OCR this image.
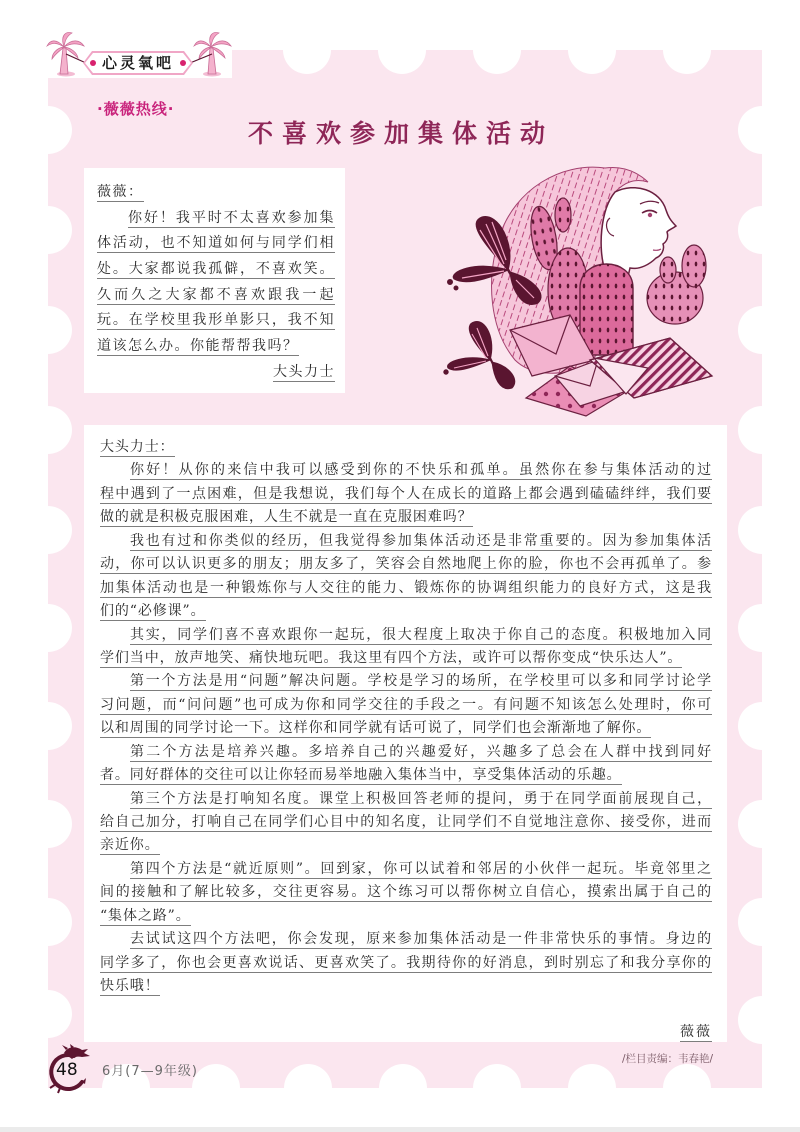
心灵氧吧
·薇薇热线·
不喜欢参加集体活动
薇薇：
你好！我平时不太喜欢参加集
体活动，也不知道如何与同学们相
处。大家都说我孤僻，不喜欢笑。
久而久之大家都不喜欢跟我一起
玩。在学校里我形单影只，我不知
道该怎么办。你能帮帮我吗？
大头力士
大头力士：
你好！从你的来信中我可以感受到你的不快乐和孤单。虽然你在参与集体活动的过
程中遇到了一点困难，但是我想说，我们每个人在成长的道路上都会遇到磕磕绊绊，我们要
做的就是积极克服困难，人生不就是一直在克服困难吗？
我也有过和你类似的经历，但我觉得参加集体活动还是非常重要的。因为参加集体活
动，你可以认识更多的朋友；朋友多了，笑容会自然地爬上你的脸，你也不会再孤单了。参
加集体活动也是一种锻炼你与人交往的能力、锻炼你的协调组织能力的良好方式，这是我
们的“必修课”。
其实，同学们喜不喜欢跟你一起玩，很大程度上取决于你自己的态度。积极地加入同
学们当中，放声地笑、痛快地玩吧。我这里有四个方法，或许可以帮你变成“快乐达人”。
第一个方法是用“问题”解决问题。学校是学习的场所，在学校里可以多和同学讨论学
习问题，而“问问题”也可成为你和同学交往的手段之一。有问题不知该怎么处理时，你可
以和周围的同学讨论一下。这样你和同学就有话可说了，同学们也会渐渐地了解你。
第二个方法是培养兴趣。多培养自己的兴趣爱好，兴趣多了总会在人群中找到同好
者。同好群体的交往可以让你轻而易举地融入集体当中，享受集体活动的乐趣。
第三个方法是打响知名度。课堂上积极回答老师的提问，勇于在同学面前展现自己，
给自己加分，打响自己在同学们心目中的知名度，让同学们不自觉地注意你、接受你，进而
亲近你。
第四个方法是“就近原则”。回到家，你可以试着和邻居的小伙伴一起玩。毕竟邻里之
间的接触和了解比较多，交往更容易。这个练习可以帮你树立自信心，摸索出属于自己的
“集体之路”。
去试试这四个方法吧，你会发现，原来参加集体活动是一件非常快乐的事情。身边的
同学多了，你也会更喜欢说话、更喜欢笑了。我期待你的好消息，到时别忘了和我分享你的
快乐哦！
薇薇
48 6月(7—9年级)
/栏目责编：韦春艳/
